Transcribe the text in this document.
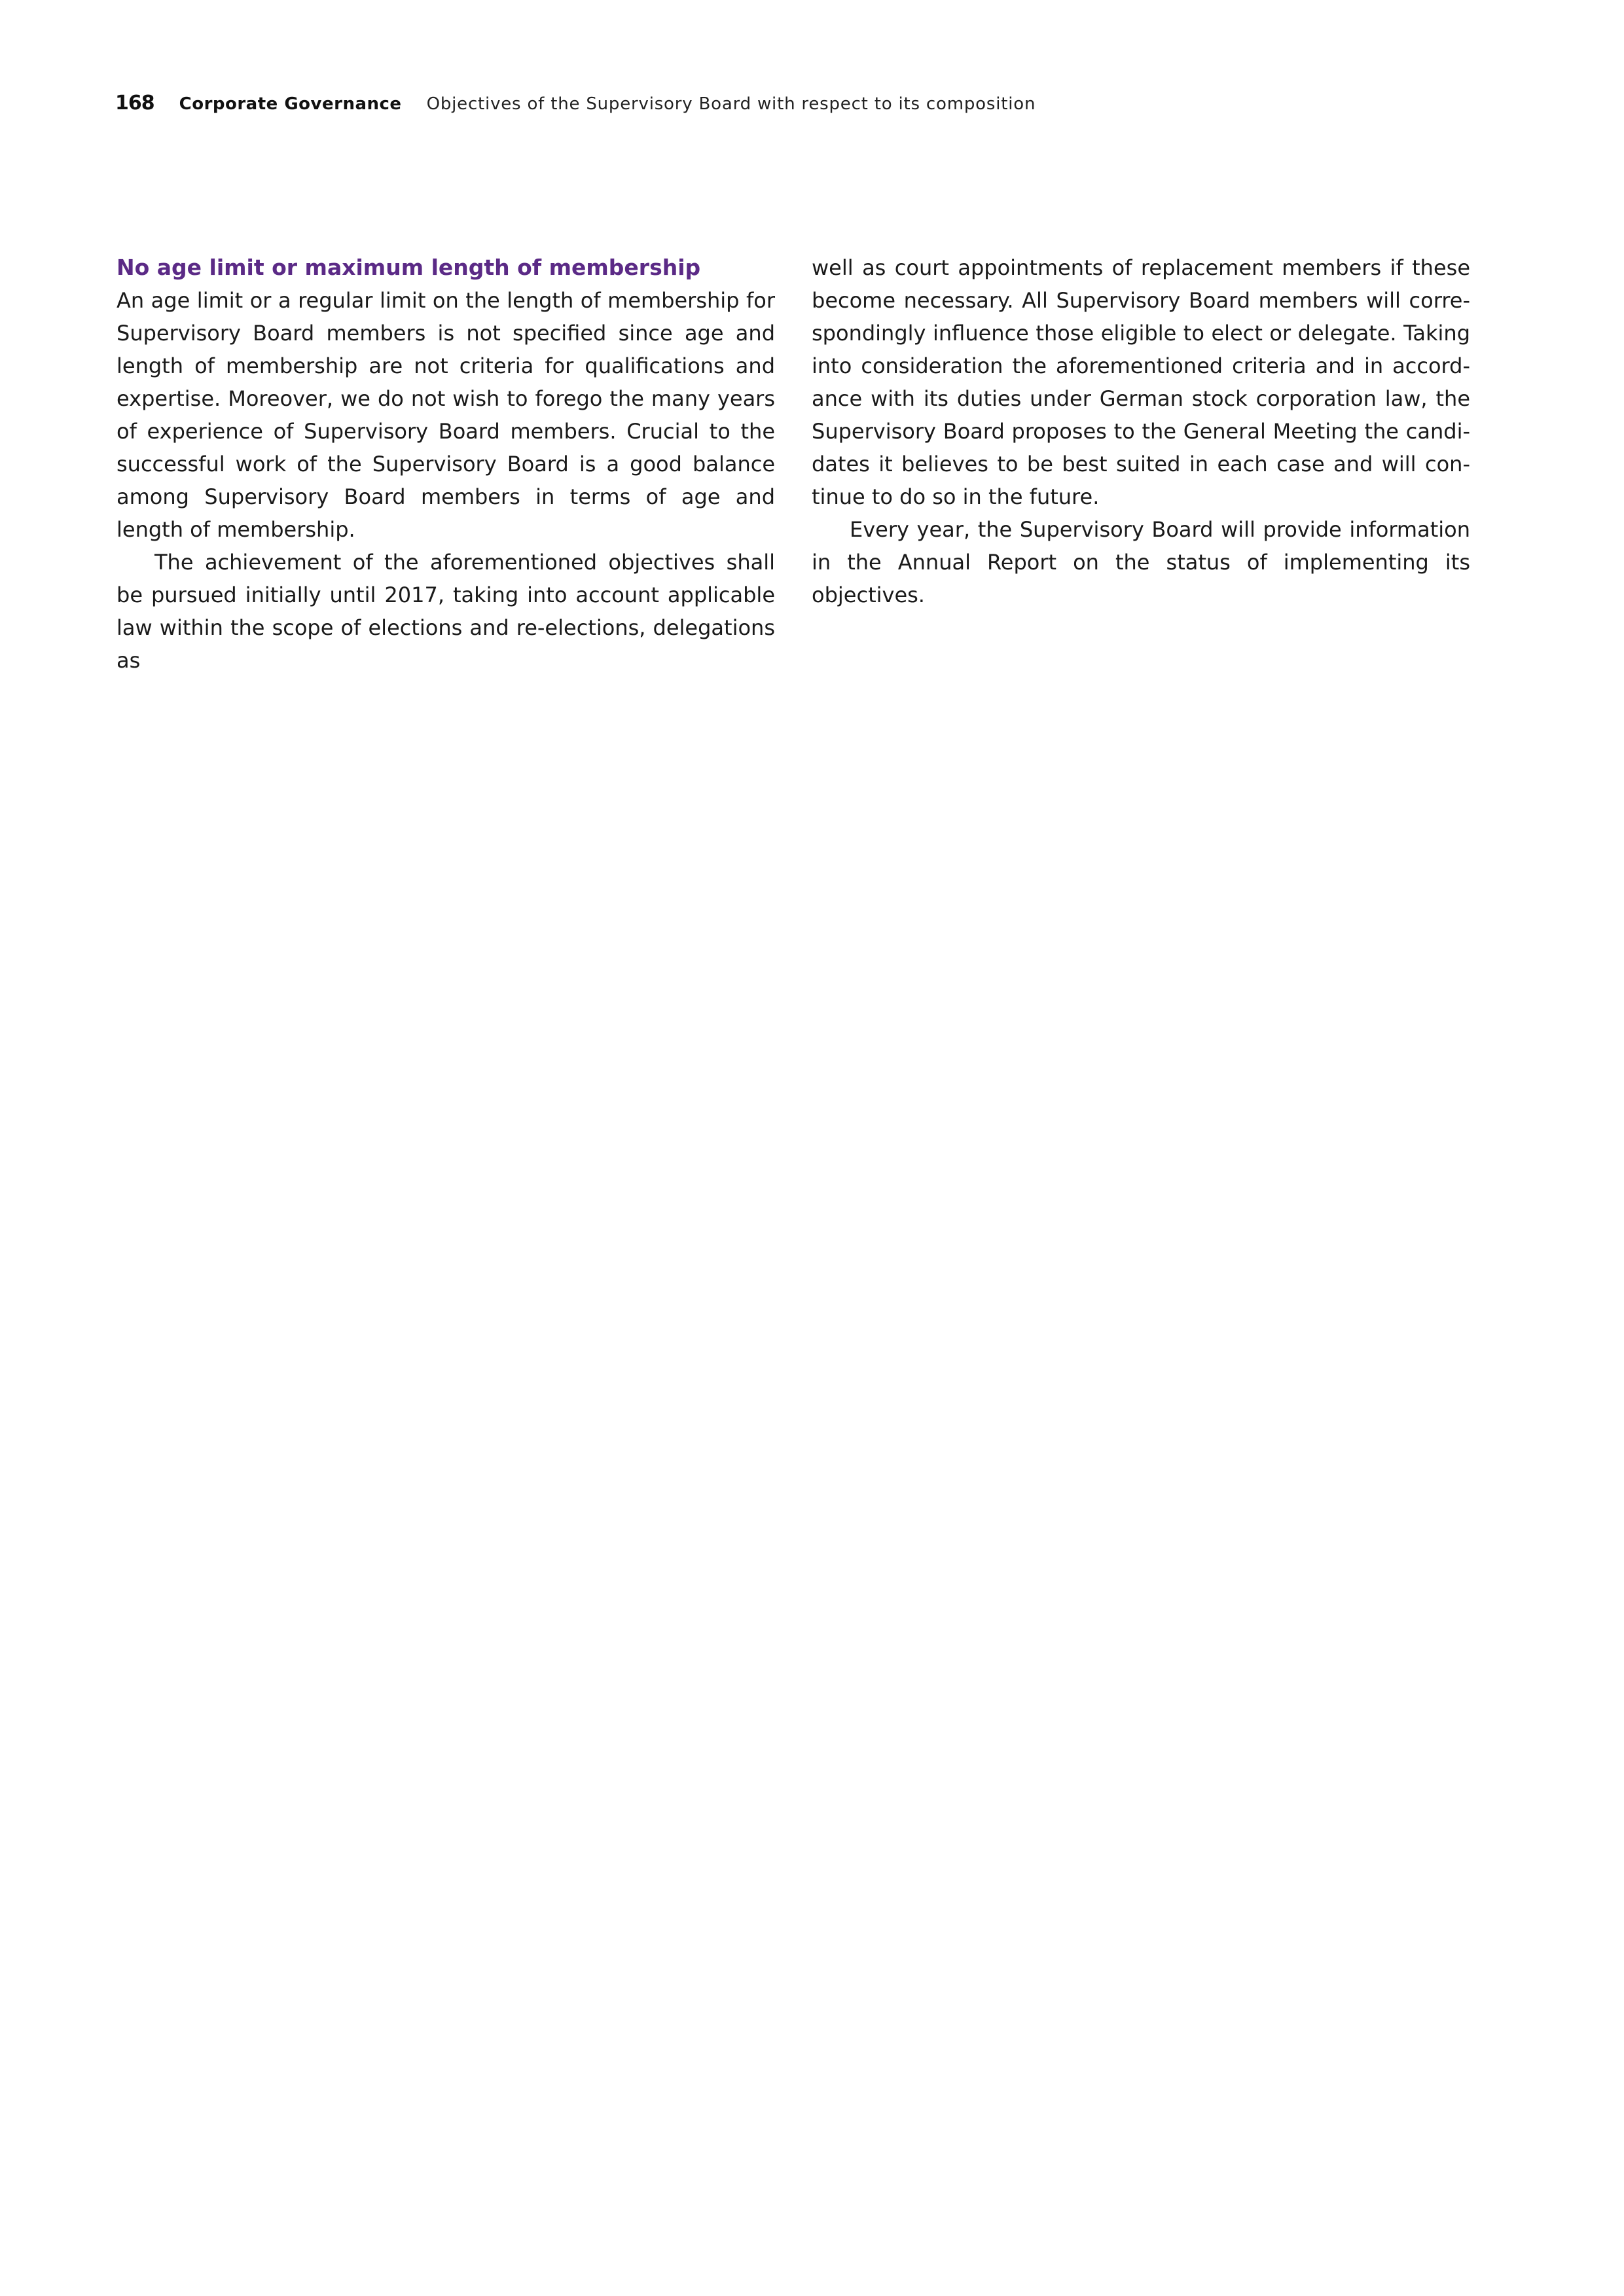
168 Corporate Governance Objectives of the Supervisory Board with respect to its composition
No age limit or maximum length of membership

An age limit or a regular limit on the length of membership for Supervisory Board members is not specified since age and length of membership are not criteria for qualifications and expertise. Moreover, we do not wish to forego the many years of experience of Supervisory Board members. Crucial to the successful work of the Supervisory Board is a good balance among Supervisory Board members in terms of age and length of membership.

The achievement of the aforementioned objectives shall be pursued initially until 2017, taking into account applicable law within the scope of elections and re-elections, delegations as

well as court appointments of replacement members if these become necessary. All Supervisory Board members will correspondingly influence those eligible to elect or delegate. Taking into consideration the aforementioned criteria and in accordance with its duties under German stock corporation law, the Supervisory Board proposes to the General Meeting the candidates it believes to be best suited in each case and will continue to do so in the future.

Every year, the Supervisory Board will provide information in the Annual Report on the status of implementing its objectives.
